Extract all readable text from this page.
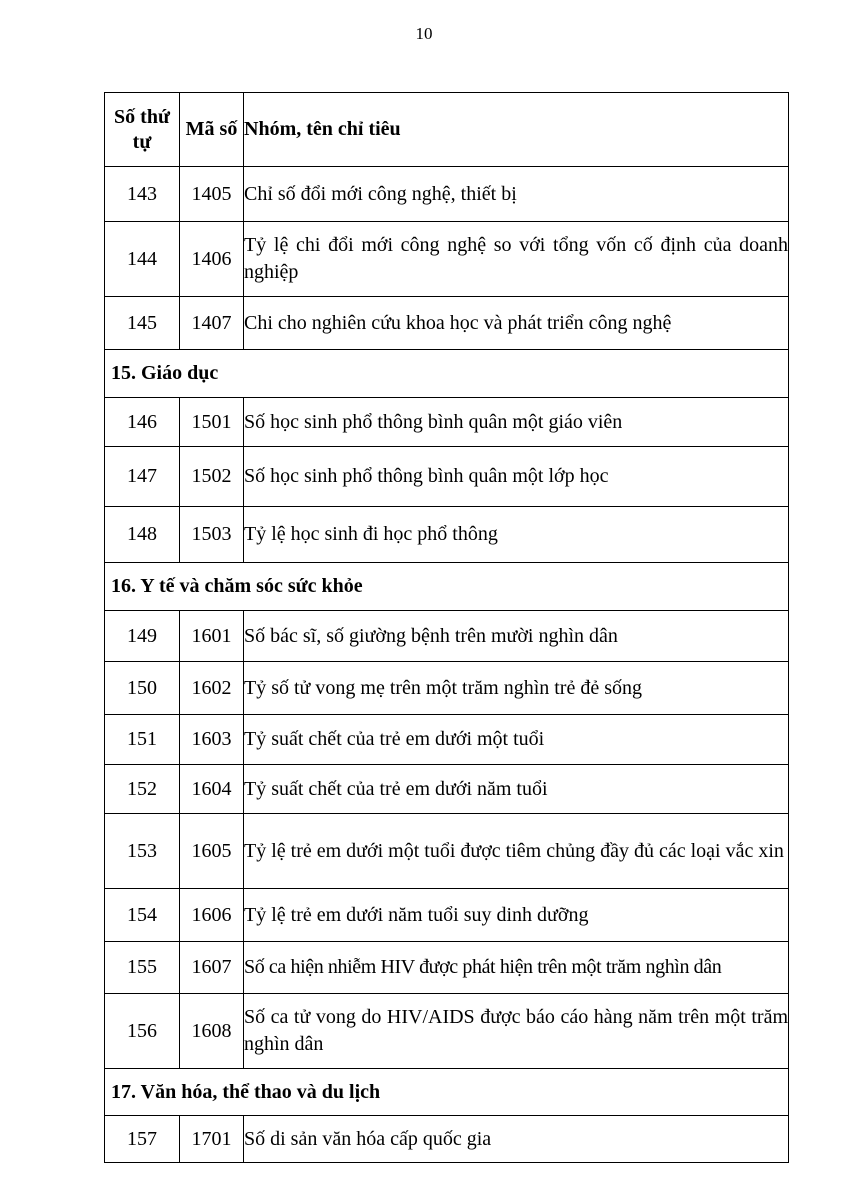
10
Số thứ tự	Mã số	Nhóm, tên chỉ tiêu
143	1405	Chỉ số đổi mới công nghệ, thiết bị
144	1406	Tỷ lệ chi đổi mới công nghệ so với tổng vốn cố định của doanh nghiệp
145	1407	Chi cho nghiên cứu khoa học và phát triển công nghệ
15. Giáo dục		
146	1501	Số học sinh phổ thông bình quân một giáo viên
147	1502	Số học sinh phổ thông bình quân một lớp học
148	1503	Tỷ lệ học sinh đi học phổ thông
16. Y tế và chăm sóc sức khỏe		
149	1601	Số bác sĩ, số giường bệnh trên mười nghìn dân
150	1602	Tỷ số tử vong mẹ trên một trăm nghìn trẻ đẻ sống
151	1603	Tỷ suất chết của trẻ em dưới một tuổi
152	1604	Tỷ suất chết của trẻ em dưới năm tuổi
153	1605	Tỷ lệ trẻ em dưới một tuổi được tiêm chủng đầy đủ các loại vắc xin
154	1606	Tỷ lệ trẻ em dưới năm tuổi suy dinh dưỡng
155	1607	Số ca hiện nhiễm HIV được phát hiện trên một trăm nghìn dân
156	1608	Số ca tử vong do HIV/AIDS được báo cáo hàng năm trên một trăm nghìn dân
17. Văn hóa, thể thao và du lịch		
157	1701	Số di sản văn hóa cấp quốc gia
